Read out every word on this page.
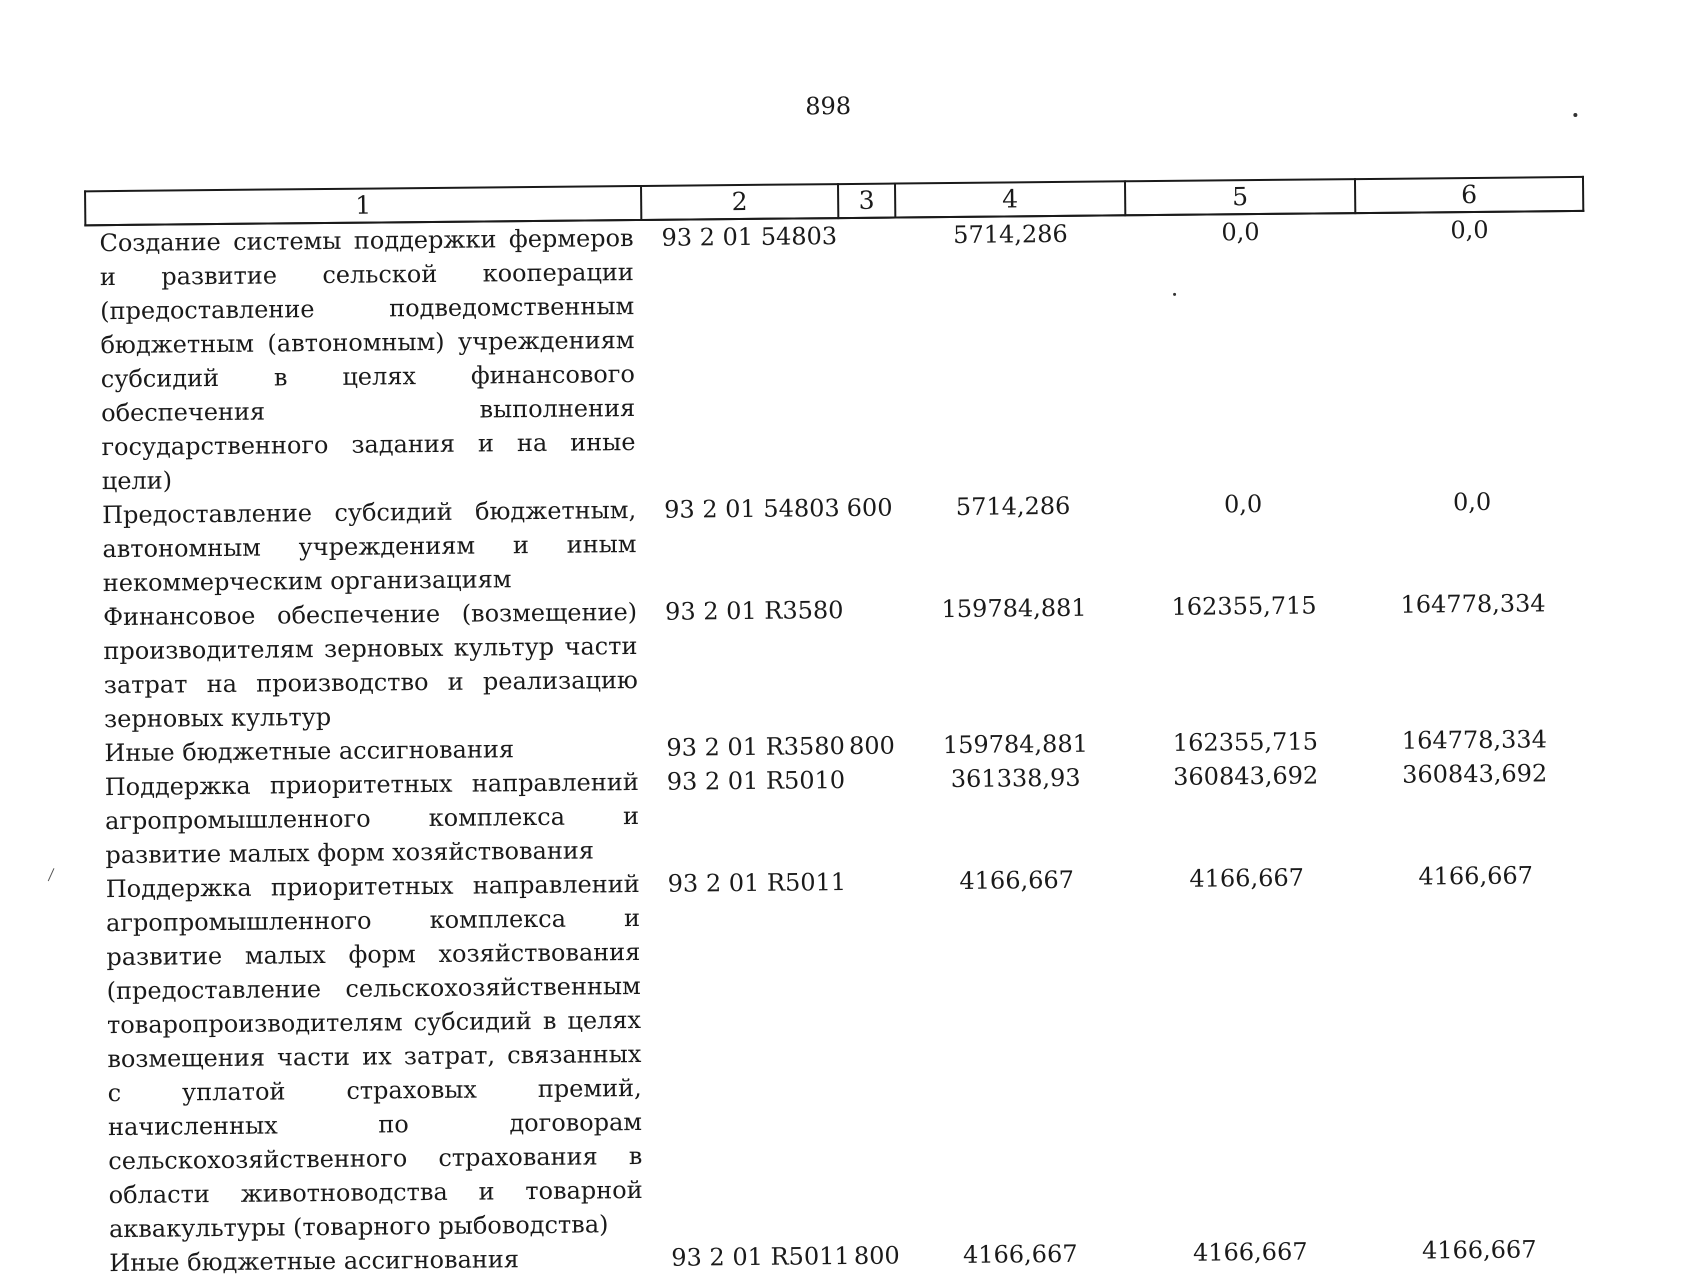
898
1	2	3	4	5	6
Создание системы поддержки фермеров и развитие сельской кооперации (предоставление подведомственным бюджетным (автономным) учреждениям субсидий в целях финансового обеспечения выполнения государственного задания и на иные цели)	93 2 01 54803		5714,286	0,0	0,0
Предоставление субсидий бюджетным, автономным учреждениям и иным некоммерческим организациям	93 2 01 54803	600	5714,286	0,0	0,0
Финансовое обеспечение (возмещение) производителям зерновых культур части затрат на производство и реализацию зерновых культур	93 2 01 R3580		159784,881	162355,715	164778,334
Иные бюджетные ассигнования	93 2 01 R3580	800	159784,881	162355,715	164778,334
Поддержка приоритетных направлений агропромышленного комплекса и развитие малых форм хозяйствования	93 2 01 R5010		361338,93	360843,692	360843,692
Поддержка приоритетных направлений агропромышленного комплекса и развитие малых форм хозяйствования (предоставление сельскохозяйственным товаропроизводителям субсидий в целях возмещения части их затрат, связанных с уплатой страховых премий, начисленных по договорам сельскохозяйственного страхования в области животноводства и товарной аквакультуры (товарного рыбоводства)	93 2 01 R5011		4166,667	4166,667	4166,667
Иные бюджетные ассигнования	93 2 01 R5011	800	4166,667	4166,667	4166,667
